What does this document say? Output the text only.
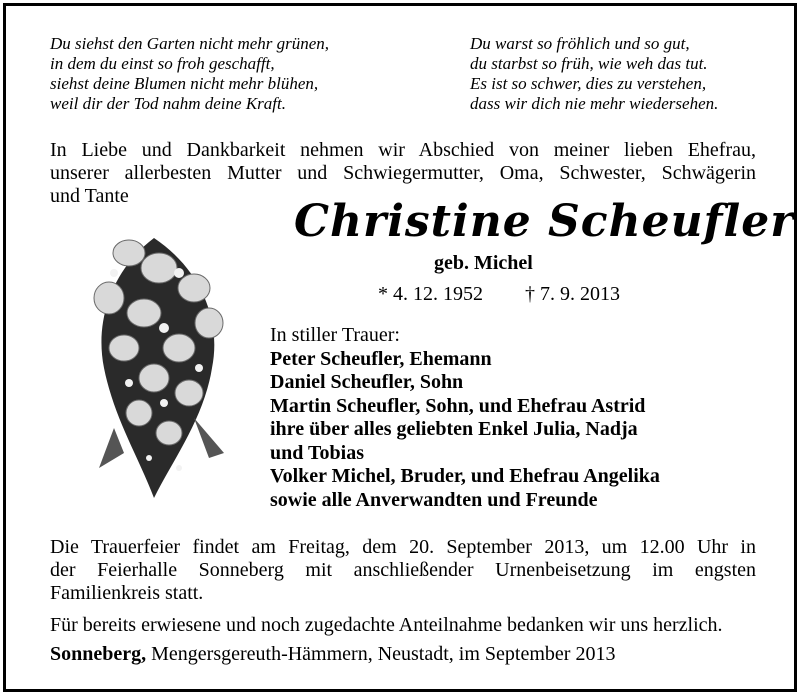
Du siehst den Garten nicht mehr grünen,
in dem du einst so froh geschafft,
siehst deine Blumen nicht mehr blühen,
weil dir der Tod nahm deine Kraft.
Du warst so fröhlich und so gut,
du starbst so früh, wie weh das tut.
Es ist so schwer, dies zu verstehen,
dass wir dich nie mehr wiedersehen.
In Liebe und Dankbarkeit nehmen wir Abschied von meiner lieben Ehefrau,
unserer allerbesten Mutter und Schwiegermutter, Oma, Schwester, Schwägerin
und Tante	Christine Scheufler
geb. Michel
* 4. 12. 1952 † 7. 9. 2013
In stiller Trauer:
Peter Scheufler, Ehemann
Daniel Scheufler, Sohn
Martin Scheufler, Sohn, und Ehefrau Astrid
ihre über alles geliebten Enkel Julia, Nadja
und Tobias
Volker Michel, Bruder, und Ehefrau Angelika
sowie alle Anverwandten und Freunde
Die Trauerfeier findet am Freitag, dem 20. September 2013, um 12.00 Uhr in
der Feierhalle Sonneberg mit anschließender Urnenbeisetzung im engsten
Familienkreis statt.
Für bereits erwiesene und noch zugedachte Anteilnahme bedanken wir uns herzlich.
Sonneberg, Mengersgereuth-Hämmern, Neustadt, im September 2013
